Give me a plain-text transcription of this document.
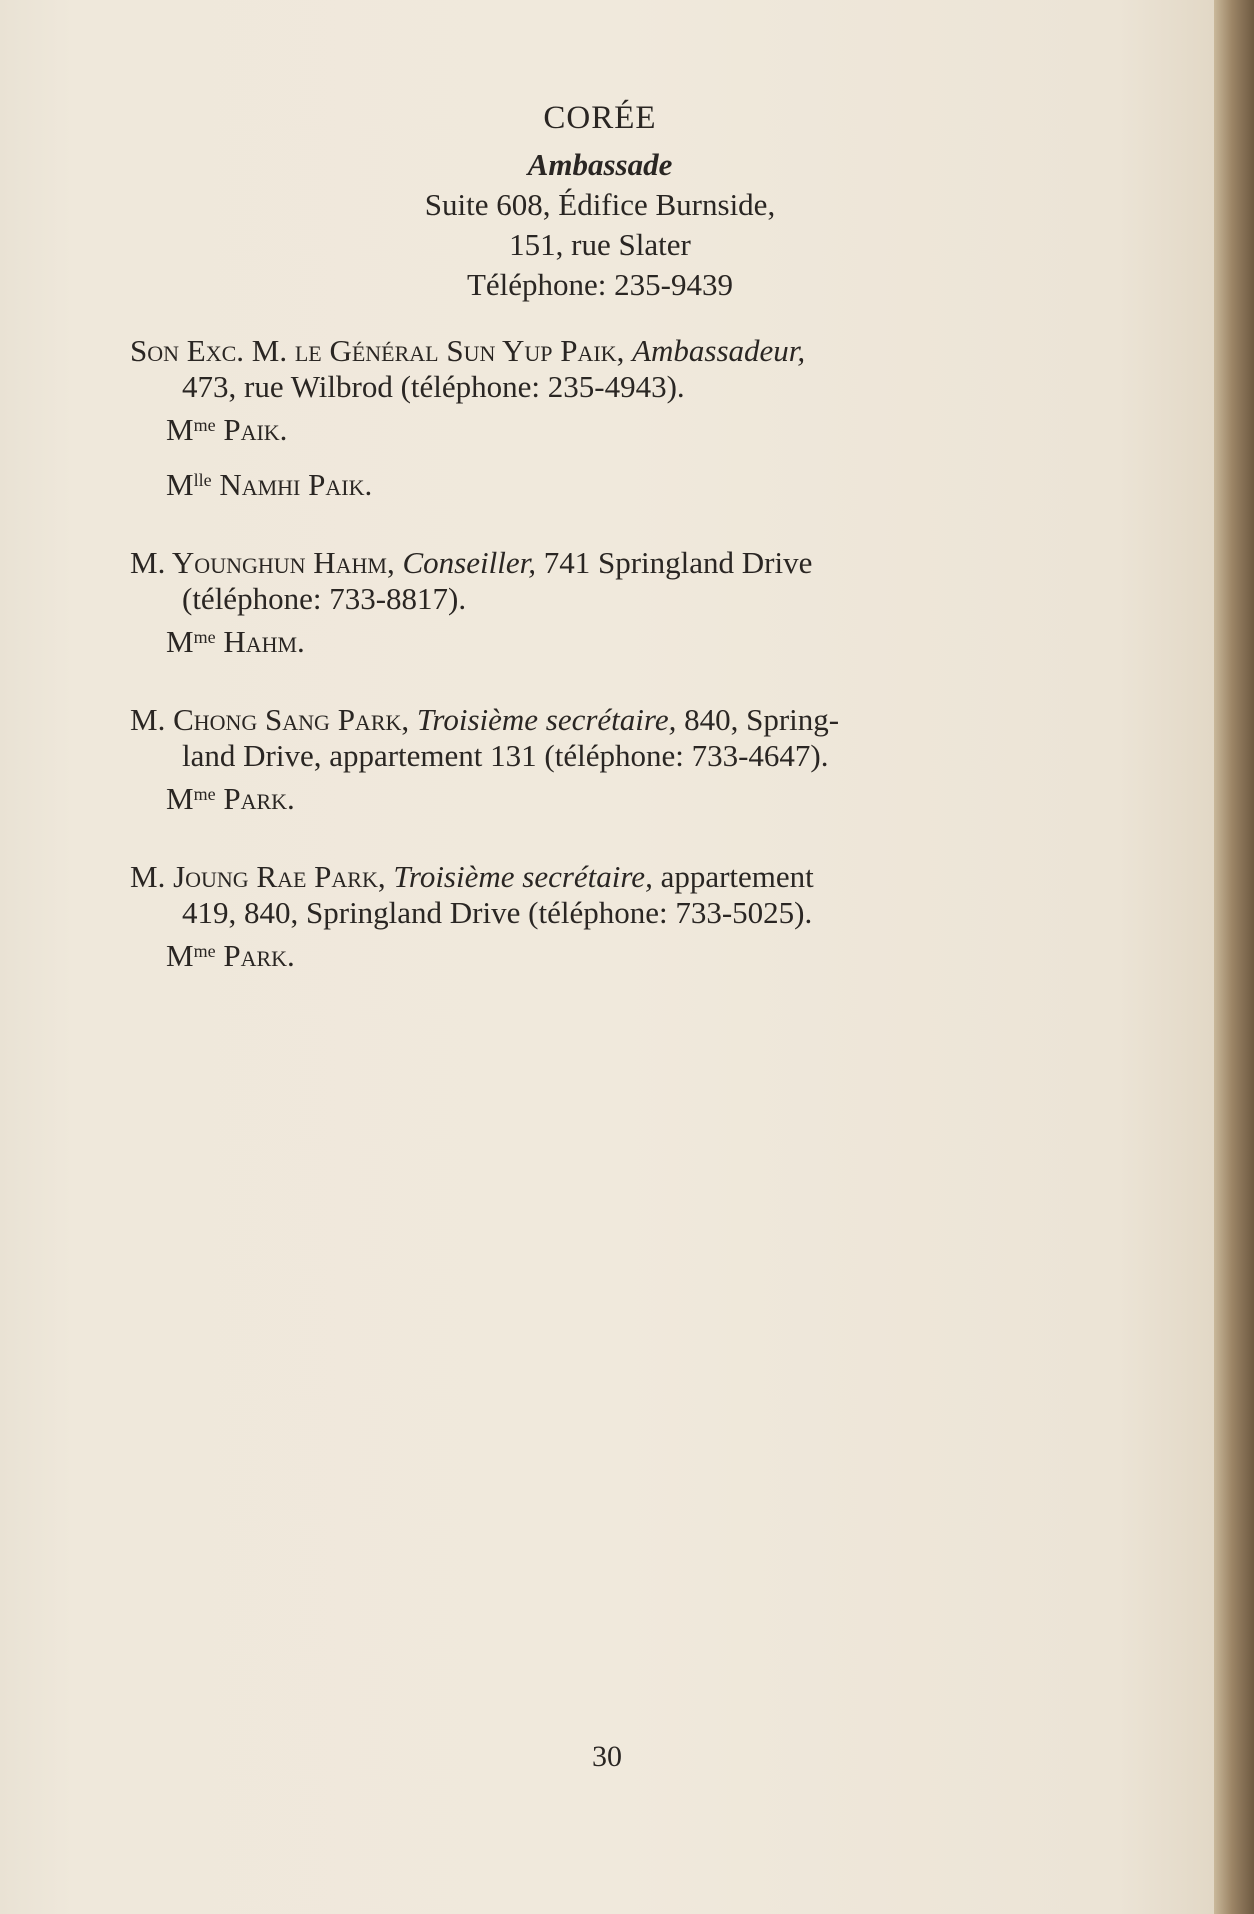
CORÉE

Ambassade

Suite 608, Édifice Burnside,

151, rue Slater

Téléphone: 235-9439

Son Exc. M. le Général Sun Yup Paik, Ambassadeur,

473, rue Wilbrod (téléphone: 235-4943).

$M^{me}$ Paik.

$M^{lle}$ Namhi Paik.

M. Younghun Hahm, Conseiller, 741 Springland Drive

(téléphone: 733-8817).

$M^{me}$ Hahm.

M. Chong Sang Park, Troisième secrétaire, 840, Spring-

land Drive, appartement 131 (téléphone: 733-4647).

$M^{me}$ Park.

M. Joung Rae Park, Troisième secrétaire, appartement

419, 840, Springland Drive (téléphone: 733-5025).

$M^{me}$ Park.

30
